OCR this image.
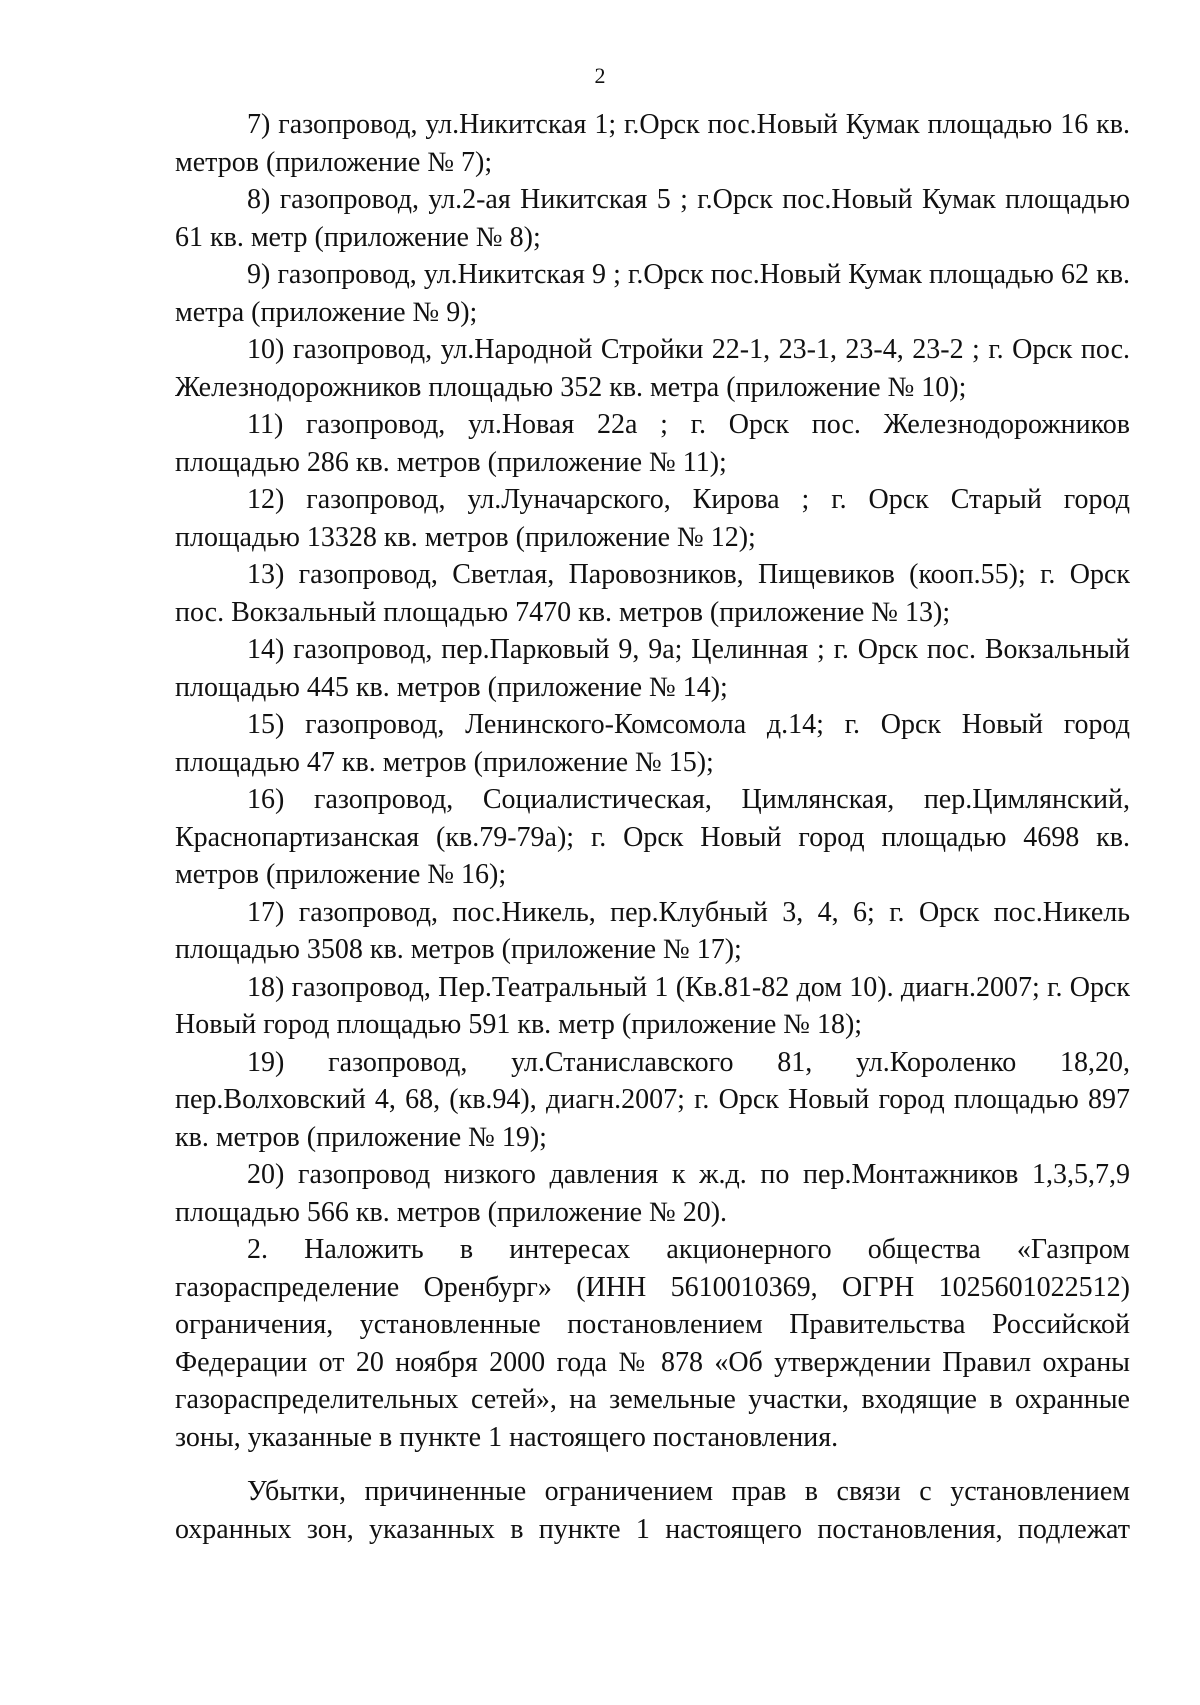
2

7) газопровод, ул.Никитская 1; г.Орск пос.Новый Кумак площадью 16 кв. метров (приложение № 7);

8) газопровод, ул.2-ая Никитская 5 ; г.Орск пос.Новый Кумак площадью 61 кв. метр (приложение № 8);

9) газопровод, ул.Никитская 9 ; г.Орск пос.Новый Кумак площадью 62 кв. метра (приложение № 9);

10) газопровод, ул.Народной Стройки 22-1, 23-1, 23-4, 23-2 ; г. Орск пос. Железнодорожников площадью 352 кв. метра (приложение № 10);

11) газопровод, ул.Новая 22а ; г. Орск пос. Железнодорожников площадью 286 кв. метров (приложение № 11);

12) газопровод, ул.Луначарского, Кирова ; г. Орск Старый город площадью 13328 кв. метров (приложение № 12);

13) газопровод, Светлая, Паровозников, Пищевиков (кооп.55); г. Орск пос. Вокзальный площадью 7470 кв. метров (приложение № 13);

14) газопровод, пер.Парковый 9, 9а; Целинная ; г. Орск пос. Вокзальный площадью 445 кв. метров (приложение № 14);

15) газопровод, Ленинского-Комсомола д.14; г. Орск Новый город площадью 47 кв. метров (приложение № 15);

16) газопровод, Социалистическая, Цимлянская, пер.Цимлянский, Краснопартизанская (кв.79-79а); г. Орск Новый город площадью 4698 кв. метров (приложение № 16);

17) газопровод, пос.Никель, пер.Клубный 3, 4, 6; г. Орск пос.Никель площадью 3508 кв. метров (приложение № 17);

18) газопровод, Пер.Театральный 1 (Кв.81-82 дом 10). диагн.2007; г. Орск Новый город площадью 591 кв. метр (приложение № 18);

19) газопровод, ул.Станиславского 81, ул.Короленко 18,20, пер.Волховский 4, 68, (кв.94), диагн.2007; г. Орск Новый город площадью 897 кв. метров (приложение № 19);

20) газопровод низкого давления к ж.д. по пер.Монтажников 1,3,5,7,9 площадью 566 кв. метров (приложение № 20).

2. Наложить в интересах акционерного общества «Газпром газораспределение Оренбург» (ИНН 5610010369, ОГРН 1025601022512) ограничения, установленные постановлением Правительства Российской Федерации от 20 ноября 2000 года № 878 «Об утверждении Правил охраны газораспределительных сетей», на земельные участки, входящие в охранные зоны, указанные в пункте 1 настоящего постановления.

Убытки, причиненные ограничением прав в связи с установлением охранных зон, указанных в пункте 1 настоящего постановления, подлежат
